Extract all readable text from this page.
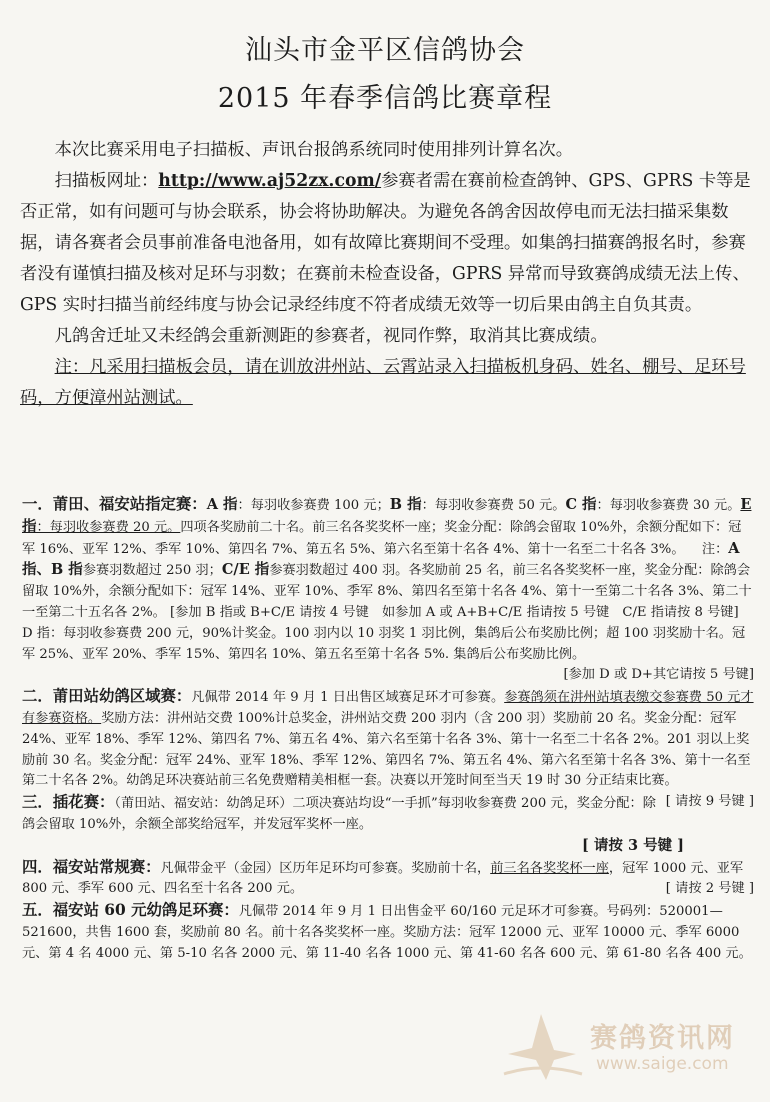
汕头市金平区信鸽协会
2015 年春季信鸽比赛章程

本次比赛采用电子扫描板、声讯台报鸽系统同时使用排列计算名次。

扫描板网址：http://www.aj52zx.com/参赛者需在赛前检查鸽钟、GPS、GPRS 卡等是否正常，如有问题可与协会联系，协会将协助解决。为避免各鸽舍因故停电而无法扫描采集数据，请各赛者会员事前准备电池备用，如有故障比赛期间不受理。如集鸽扫描赛鸽报名时，参赛者没有谨慎扫描及核对足环与羽数；在赛前未检查设备，GPRS 异常而导致赛鸽成绩无法上传、GPS 实时扫描当前经纬度与协会记录经纬度不符者成绩无效等一切后果由鸽主自负其责。

凡鸽舍迁址又未经鸽会重新测距的参赛者，视同作弊，取消其比赛成绩。

注：凡采用扫描板会员，请在训放汫州站、云霄站录入扫描板机身码、姓名、棚号、足环号码，方便漳州站测试。

一．莆田、福安站指定赛：A 指：每羽收参赛费 100 元；B 指：每羽收参赛费 50 元。C 指：每羽收参赛费 30 元。E 指：每羽收参赛费 20 元。四项各奖励前二十名。前三名各奖奖杯一座；奖金分配：除鸽会留取 10%外，余额分配如下：冠军 16%、亚军 12%、季军 10%、第四名 7%、第五名 5%、第六名至第十名各 4%、第十一名至二十名各 3%。 　 注：A 指、B 指参赛羽数超过 250 羽；C/E 指参赛羽数超过 400 羽。各奖励前 25 名，前三名各奖奖杯一座，奖金分配：除鸽会留取 10%外，余额分配如下：冠军 14%、亚军 10%、季军 8%、第四名至第十名各 4%、第十一至第二十名各 3%、第二十一至第二十五名各 2%。 [参加 B 指或 B+C/E 请按 4 号键　如参加 A 或 A+B+C/E 指请按 5 号键　C/E 指请按 8 号键]　D 指：每羽收参赛费 200 元，90%计奖金。100 羽内以 10 羽奖 1 羽比例，集鸽后公布奖励比例；超 100 羽奖励十名。冠军 25%、亚军 20%、季军 15%、第四名 10%、第五名至第十名各 5%. 集鸽后公布奖励比例。
[参加 D 或 D+其它请按 5 号键]

二．莆田站幼鸽区域赛：凡佩带 2014 年 9 月 1 日出售区域赛足环才可参赛。参赛鸽须在汫州站填表缴交参赛费 50 元才有参赛资格。奖励方法：汫州站交费 100%计总奖金，汫州站交费 200 羽内（含 200 羽）奖励前 20 名。奖金分配：冠军 24%、亚军 18%、季军 12%、第四名 7%、第五名 4%、第六名至第十名各 3%、第十一名至二十名各 2%。201 羽以上奖励前 30 名。奖金分配：冠军 24%、亚军 18%、季军 12%、第四名 7%、第五名 4%、第六名至第十名各 3%、第十一名至第二十名各 2%。幼鸽足环决赛站前三名免费赠精美相框一套。决赛以开笼时间至当天 19 时 30 分正结束比赛。
[ 请按 9 号键 ]

三．插花赛：（莆田站、福安站：幼鸽足环）二项决赛站均设“一手抓”每羽收参赛费 200 元，奖金分配：除鸽会留取 10%外，余额全部奖给冠军，并发冠军奖杯一座。
[ 请按 3 号键 ]

四．福安站常规赛：凡佩带金平（金园）区历年足环均可参赛。奖励前十名，前三名各奖奖杯一座，冠军 1000 元、亚军 800 元、季军 600 元、四名至十名各 200 元。	[ 请按 2 号键 ]

五．福安站 60 元幼鸽足环赛：凡佩带 2014 年 9 月 1 日出售金平 60/160 元足环才可参赛。号码列：520001—521600，共售 1600 套，奖励前 80 名。前十名各奖奖杯一座。奖励方法：冠军 12000 元、亚军 10000 元、季军 6000 元、第 4 名 4000 元、第 5-10 名各 2000 元、第 11-40 名各 1000 元、第 41-60 名各 600 元、第 61-80 名各 400 元。

赛鸽资讯网
www.saige.com
